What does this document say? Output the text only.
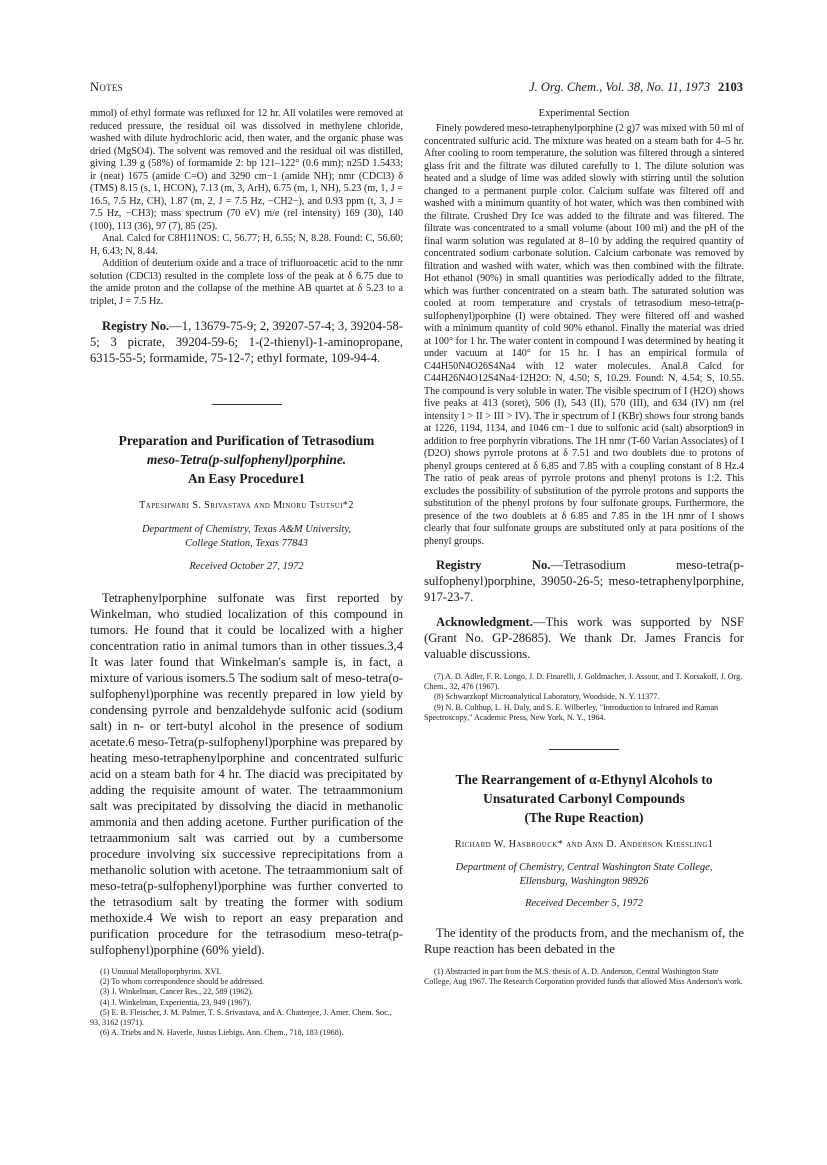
Notes	J. Org. Chem., Vol. 38, No. 11, 1973 2103

mmol) of ethyl formate was refluxed for 12 hr. All volatiles were removed at reduced pressure, the residual oil was dissolved in methylene chloride, washed with dilute hydrochloric acid, then water, and the organic phase was dried (MgSO4). The solvent was removed and the residual oil was distilled, giving 1.39 g (58%) of formamide 2: bp 121–122° (0.6 mm); n25D 1.5433; ir (neat) 1675 (amide C=O) and 3290 cm−1 (amide NH); nmr (CDCl3) δ (TMS) 8.15 (s, 1, HCON), 7.13 (m, 3, ArH), 6.75 (m, 1, NH), 5.23 (m, 1, J = 16.5, 7.5 Hz, CH), 1.87 (m, 2, J = 7.5 Hz, −CH2−), and 0.93 ppm (t, 3, J = 7.5 Hz, −CH3); mass spectrum (70 eV) m/e (rel intensity) 169 (30), 140 (100), 113 (36), 97 (7), 85 (25).

Anal. Calcd for C8H11NOS: C, 56.77; H, 6.55; N, 8.28. Found: C, 56.60; H, 6.43; N, 8.44.

Addition of deuterium oxide and a trace of trifluoroacetic acid to the nmr solution (CDCl3) resulted in the complete loss of the peak at δ 6.75 due to the amide proton and the collapse of the methine AB quartet at δ 5.23 to a triplet, J = 7.5 Hz.

Registry No.—1, 13679-75-9; 2, 39207-57-4; 3, 39204-58-5; 3 picrate, 39204-59-6; 1-(2-thienyl)-1-aminopropane, 6315-55-5; formamide, 75-12-7; ethyl formate, 109-94-4.

Preparation and Purification of Tetrasodium

meso-Tetra(p-sulfophenyl)porphine.

An Easy Procedure1

Tapeshwari S. Srivastava and Minoru Tsutsui*2

Department of Chemistry, Texas A&M University,

College Station, Texas 77843

Received October 27, 1972

Tetraphenylporphine sulfonate was first reported by Winkelman, who studied localization of this compound in tumors. He found that it could be localized with a higher concentration ratio in animal tumors than in other tissues.3,4 It was later found that Winkelman's sample is, in fact, a mixture of various isomers.5 The sodium salt of meso-tetra(o-sulfophenyl)porphine was recently prepared in low yield by condensing pyrrole and benzaldehyde sulfonic acid (sodium salt) in n- or tert-butyl alcohol in the presence of sodium acetate.6 meso-Tetra(p-sulfophenyl)porphine was prepared by heating meso-tetraphenylporphine and concentrated sulfuric acid on a steam bath for 4 hr. The diacid was precipitated by adding the requisite amount of water. The tetraammonium salt was precipitated by dissolving the diacid in methanolic ammonia and then adding acetone. Further purification of the tetraammonium salt was carried out by a cumbersome procedure involving six successive reprecipitations from a methanolic solution with acetone. The tetraammonium salt of meso-tetra(p-sulfophenyl)porphine was further converted to the tetrasodium salt by treating the former with sodium methoxide.4 We wish to report an easy preparation and purification procedure for the tetrasodium meso-tetra(p-sulfophenyl)porphine (60% yield).

(1) Unusual Metalloporphyrins. XVI.

(2) To whom correspondence should be addressed.

(3) J. Winkelman, Cancer Res., 22, 589 (1962).

(4) J. Winkelman, Experientia, 23, 949 (1967).

(5) E. B. Fleischer, J. M. Palmer, T. S. Srivastava, and A. Chatterjee, J. Amer. Chem. Soc., 93, 3162 (1971).

(6) A. Triebs and N. Haverle, Justus Liebigs. Ann. Chem., 718, 183 (1968).

Experimental Section

Finely powdered meso-tetraphenylporphine (2 g)7 was mixed with 50 ml of concentrated sulfuric acid. The mixture was heated on a steam bath for 4–5 hr. After cooling to room temperature, the solution was filtered through a sintered glass frit and the filtrate was diluted carefully to 1. The dilute solution was heated and a sludge of lime was added slowly with stirring until the solution changed to a permanent purple color. Calcium sulfate was filtered off and washed with a minimum quantity of hot water, which was then combined with the filtrate. Crushed Dry Ice was added to the filtrate and was filtered. The filtrate was concentrated to a small volume (about 100 ml) and the pH of the final warm solution was regulated at 8–10 by adding the required quantity of concentrated sodium carbonate solution. Calcium carbonate was removed by filtration and washed with water, which was then combined with the filtrate. Hot ethanol (90%) in small quantities was periodically added to the filtrate, which was further concentrated on a steam bath. The saturated solution was cooled at room temperature and crystals of tetrasodium meso-tetra(p-sulfophenyl)porphine (I) were obtained. They were filtered off and washed with a minimum quantity of cold 90% ethanol. Finally the material was dried at 100° for 1 hr. The water content in compound I was determined by heating it under vacuum at 140° for 15 hr. I has an empirical formula of C44H50N4O26S4Na4 with 12 water molecules. Anal.8 Calcd for C44H26N4O12S4Na4·12H2O: N, 4.50; S, 10.29. Found: N, 4.54; S, 10.55. The compound is very soluble in water. The visible spectrum of I (H2O) shows five peaks at 413 (soret), 506 (I), 543 (II), 570 (III), and 634 (IV) nm (rel intensity I > II > III > IV). The ir spectrum of I (KBr) shows four strong bands at 1226, 1194, 1134, and 1046 cm−1 due to sulfonic acid (salt) absorption9 in addition to free porphyrin vibrations. The 1H nmr (T-60 Varian Associates) of I (D2O) shows pyrrole protons at δ 7.51 and two doublets due to protons of phenyl groups centered at δ 6.85 and 7.85 with a coupling constant of 8 Hz.4 The ratio of peak areas of pyrrole protons and phenyl protons is 1:2. This excludes the possibility of substitution of the pyrrole protons and supports the substitution of the phenyl protons by four sulfonate groups. Furthermore, the presence of the two doublets at δ 6.85 and 7.85 in the 1H nmr of I shows clearly that four sulfonate groups are substituted only at para positions of the phenyl groups.

Registry No.—Tetrasodium meso-tetra(p-sulfophenyl)porphine, 39050-26-5; meso-tetraphenylporphine, 917-23-7.

Acknowledgment.—This work was supported by NSF (Grant No. GP-28685). We thank Dr. James Francis for valuable discussions.

(7) A. D. Adler, F. R. Longo, J. D. Finarelli, J. Goldmacher, J. Assour, and T. Korsakoff, J. Org. Chem., 32, 476 (1967).

(8) Schwarzkopf Microanalytical Laboratory, Woodside, N. Y. 11377.

(9) N. B. Colthup, L. H. Daly, and S. E. Wilberley, "Introduction to Infrared and Raman Spectroscopy," Academic Press, New York, N. Y., 1964.

The Rearrangement of α-Ethynyl Alcohols to

Unsaturated Carbonyl Compounds

(The Rupe Reaction)

Richard W. Hasbrouck* and Ann D. Anderson Kiessling1

Department of Chemistry, Central Washington State College,

Ellensburg, Washington 98926

Received December 5, 1972

The identity of the products from, and the mechanism of, the Rupe reaction has been debated in the

(1) Abstracted in part from the M.S. thesis of A. D. Anderson, Central Washington State College, Aug 1967. The Research Corporation provided funds that allowed Miss Anderson's work.
